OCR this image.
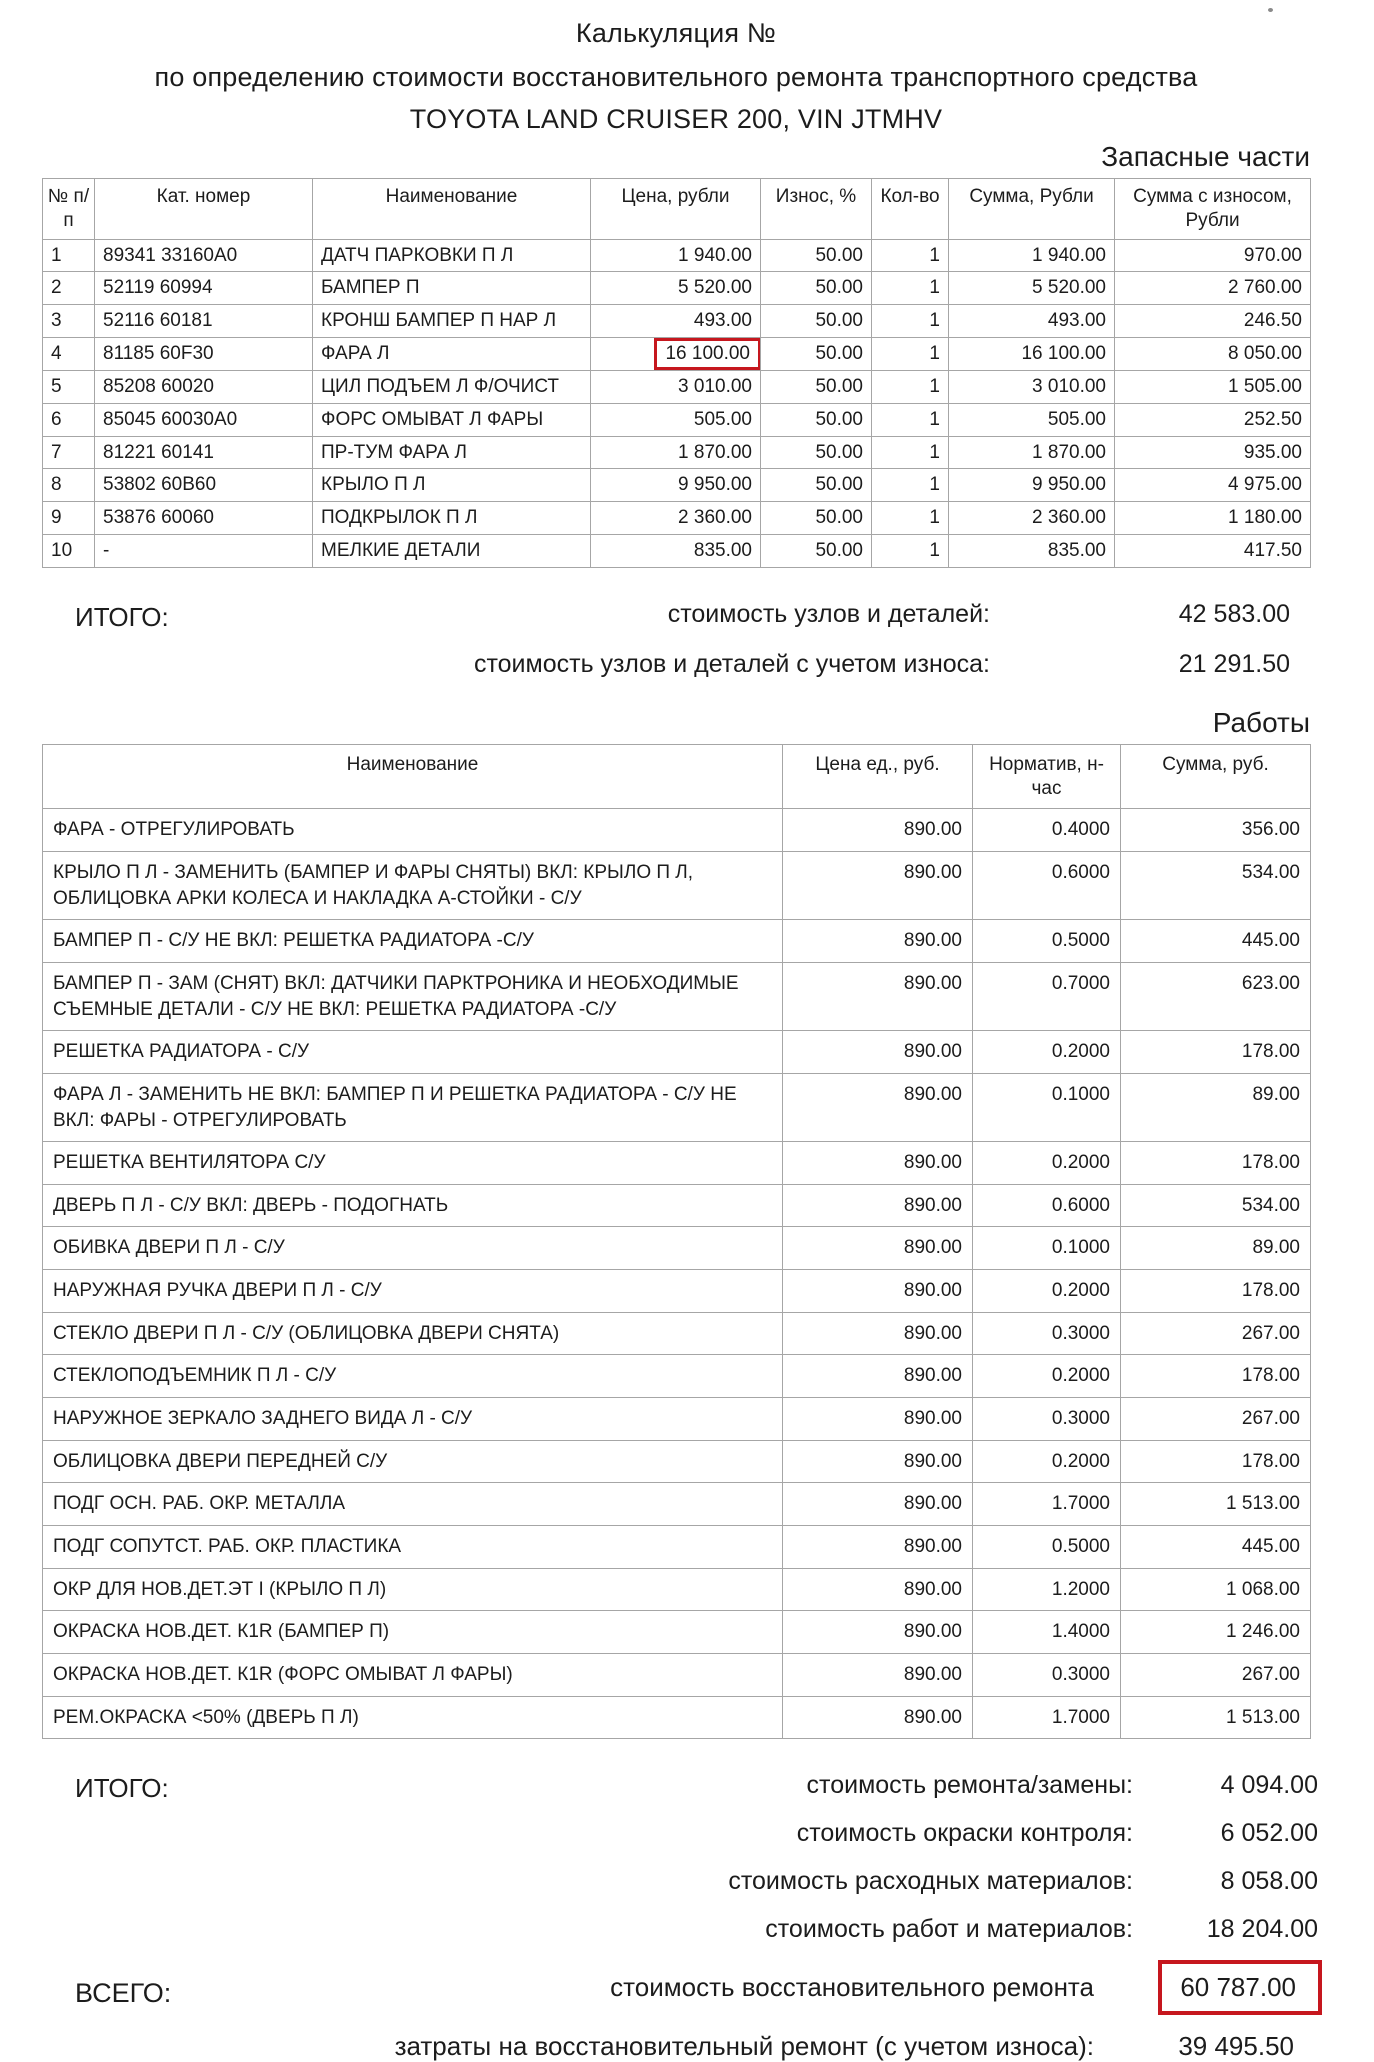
Калькуляция №
по определению стоимости восстановительного ремонта транспортного средства
TOYOTA LAND CRUISER 200, VIN JTMHV
Запасные части
№ п/п	Кат. номер	Наименование	Цена, рубли	Износ, %	Кол-во	Сумма, Рубли	Сумма с износом, Рубли
1	89341 33160A0	ДАТЧ ПАРКОВКИ П Л	1 940.00	50.00	1	1 940.00	970.00
2	52119 60994	БАМПЕР П	5 520.00	50.00	1	5 520.00	2 760.00
3	52116 60181	КРОНШ БАМПЕР П НАР Л	493.00	50.00	1	493.00	246.50
4	81185 60F30	ФАРА Л	16 100.00	50.00	1	16 100.00	8 050.00
5	85208 60020	ЦИЛ ПОДЪЕМ Л Ф/ОЧИСТ	3 010.00	50.00	1	3 010.00	1 505.00
6	85045 60030A0	ФОРС ОМЫВАТ Л ФАРЫ	505.00	50.00	1	505.00	252.50
7	81221 60141	ПР-ТУМ ФАРА Л	1 870.00	50.00	1	1 870.00	935.00
8	53802 60B60	КРЫЛО П Л	9 950.00	50.00	1	9 950.00	4 975.00
9	53876 60060	ПОДКРЫЛОК П Л	2 360.00	50.00	1	2 360.00	1 180.00
10	-	МЕЛКИЕ ДЕТАЛИ	835.00	50.00	1	835.00	417.50
ИТОГО:	стоимость узлов и деталей:	42 583.00
стоимость узлов и деталей с учетом износа:	21 291.50
Работы
Наименование	Цена ед., руб.	Норматив, н-час	Сумма, руб.
ФАРА - ОТРЕГУЛИРОВАТЬ	890.00	0.4000	356.00
КРЫЛО П Л - ЗАМЕНИТЬ (БАМПЕР И ФАРЫ СНЯТЫ) ВКЛ: КРЫЛО П Л, ОБЛИЦОВКА АРКИ КОЛЕСА И НАКЛАДКА А-СТОЙКИ - С/У	890.00	0.6000	534.00
БАМПЕР П - С/У НЕ ВКЛ: РЕШЕТКА РАДИАТОРА -С/У	890.00	0.5000	445.00
БАМПЕР П - ЗАМ (СНЯТ) ВКЛ: ДАТЧИКИ ПАРКТРОНИКА И НЕОБХОДИМЫЕ СЪЕМНЫЕ ДЕТАЛИ - С/У НЕ ВКЛ: РЕШЕТКА РАДИАТОРА -С/У	890.00	0.7000	623.00
РЕШЕТКА РАДИАТОРА - С/У	890.00	0.2000	178.00
ФАРА Л - ЗАМЕНИТЬ НЕ ВКЛ: БАМПЕР П И РЕШЕТКА РАДИАТОРА - С/У НЕ ВКЛ: ФАРЫ - ОТРЕГУЛИРОВАТЬ	890.00	0.1000	89.00
РЕШЕТКА ВЕНТИЛЯТОРА С/У	890.00	0.2000	178.00
ДВЕРЬ П Л - С/У ВКЛ: ДВЕРЬ - ПОДОГНАТЬ	890.00	0.6000	534.00
ОБИВКА ДВЕРИ П Л - С/У	890.00	0.1000	89.00
НАРУЖНАЯ РУЧКА ДВЕРИ П Л - С/У	890.00	0.2000	178.00
СТЕКЛО ДВЕРИ П Л - С/У (ОБЛИЦОВКА ДВЕРИ СНЯТА)	890.00	0.3000	267.00
СТЕКЛОПОДЪЕМНИК П Л - С/У	890.00	0.2000	178.00
НАРУЖНОЕ ЗЕРКАЛО ЗАДНЕГО ВИДА Л - С/У	890.00	0.3000	267.00
ОБЛИЦОВКА ДВЕРИ ПЕРЕДНЕЙ С/У	890.00	0.2000	178.00
ПОДГ ОСН. РАБ. ОКР. МЕТАЛЛА	890.00	1.7000	1 513.00
ПОДГ СОПУТСТ. РАБ. ОКР. ПЛАСТИКА	890.00	0.5000	445.00
ОКР ДЛЯ НОВ.ДЕТ.ЭТ I (КРЫЛО П Л)	890.00	1.2000	1 068.00
ОКРАСКА НОВ.ДЕТ. К1R (БАМПЕР П)	890.00	1.4000	1 246.00
ОКРАСКА НОВ.ДЕТ. К1R (ФОРС ОМЫВАТ Л ФАРЫ)	890.00	0.3000	267.00
РЕМ.ОКРАСКА <50% (ДВЕРЬ П Л)	890.00	1.7000	1 513.00
ИТОГО:	стоимость ремонта/замены:	4 094.00
стоимость окраски контроля:	6 052.00
стоимость расходных материалов:	8 058.00
стоимость работ и материалов:	18 204.00
ВСЕГО:	стоимость восстановительного ремонта	60 787.00
затраты на восстановительный ремонт (с учетом износа):	39 495.50
